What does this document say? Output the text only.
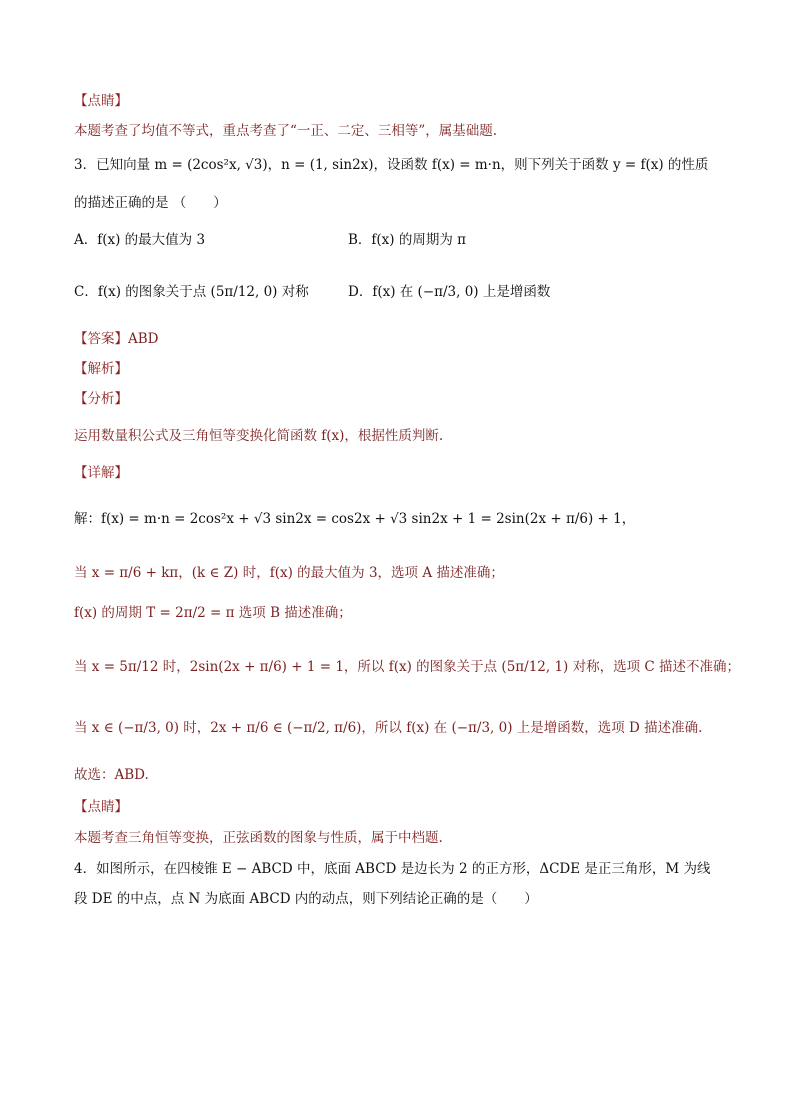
【点睛】
本题考查了均值不等式，重点考查了“一正、二定、三相等”，属基础题.
3．已知向量 m = (2cos²x, √3)，n = (1, sin2x)，设函数 f(x) = m·n，则下列关于函数 y = f(x) 的性质
的描述正确的是 （　　）
A．f(x) 的最大值为 3	B．f(x) 的周期为 π
C．f(x) 的图象关于点 (5π/12, 0) 对称	D．f(x) 在 (−π/3, 0) 上是增函数
【答案】ABD
【解析】
【分析】
运用数量积公式及三角恒等变换化简函数 f(x)，根据性质判断.
【详解】
解：f(x) = m·n = 2cos²x + √3 sin2x = cos2x + √3 sin2x + 1 = 2sin(2x + π/6) + 1，
当 x = π/6 + kπ，(k ∈ Z) 时，f(x) 的最大值为 3，选项 A 描述准确；
f(x) 的周期 T = 2π/2 = π 选项 B 描述准确；
当 x = 5π/12 时，2sin(2x + π/6) + 1 = 1，所以 f(x) 的图象关于点 (5π/12, 1) 对称，选项 C 描述不准确；
当 x ∈ (−π/3, 0) 时，2x + π/6 ∈ (−π/2, π/6)，所以 f(x) 在 (−π/3, 0) 上是增函数，选项 D 描述准确.
故选：ABD.
【点睛】
本题考查三角恒等变换，正弦函数的图象与性质，属于中档题.
4．如图所示，在四棱锥 E − ABCD 中，底面 ABCD 是边长为 2 的正方形，ΔCDE 是正三角形，M 为线
段 DE 的中点，点 N 为底面 ABCD 内的动点，则下列结论正确的是（　　）
